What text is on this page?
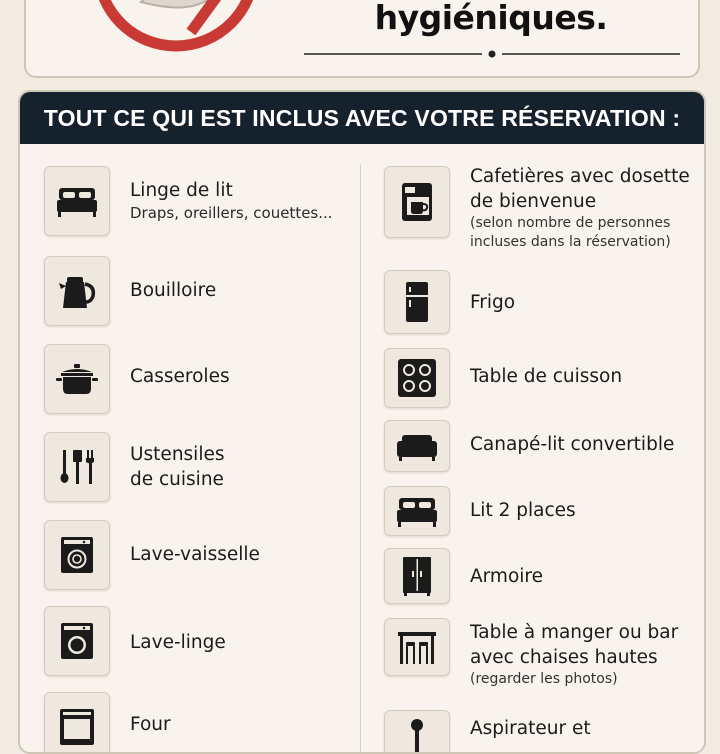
hygiéniques.
TOUT CE QUI EST INCLUS AVEC VOTRE RÉSERVATION :
Linge de lit
Draps, oreillers, couettes...
Bouilloire
Casseroles
Ustensiles
de cuisine
Lave-vaisselle
Lave-linge
Four
Cafetières avec dosette
de bienvenue
(selon nombre de personnes
incluses dans la réservation)
Frigo
Table de cuisson
Canapé-lit convertible
Lit 2 places
Armoire
Table à manger ou bar
avec chaises hautes
(regarder les photos)
Aspirateur et
